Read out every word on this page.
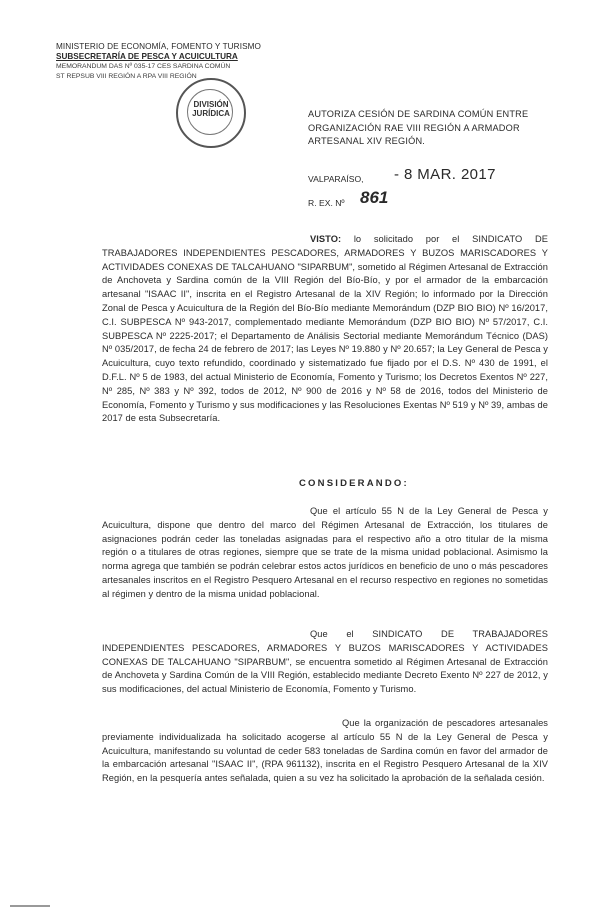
MINISTERIO DE ECONOMÍA, FOMENTO Y TURISMO
SUBSECRETARÍA DE PESCA Y ACUICULTURA
MEMORANDUM DAS Nº 035-17 CES SARDINA COMÚN
ST REPSUB VIII REGIÓN A RPA VIII REGIÓN
DIVISIÓN
JURÍDICA	AUTORIZA CESIÓN DE SARDINA COMÚN ENTRE ORGANIZACIÓN RAE VIII REGIÓN A ARMADOR ARTESANAL XIV REGIÓN.
VALPARAÍSO, - 8 MAR. 2017
R. EX. Nº 861
VISTO: lo solicitado por el SINDICATO DE TRABAJADORES INDEPENDIENTES PESCADORES, ARMADORES Y BUZOS MARISCADORES Y ACTIVIDADES CONEXAS DE TALCAHUANO "SIPARBUM", sometido al Régimen Artesanal de Extracción de Anchoveta y Sardina común de la VIII Región del Bío-Bío, y por el armador de la embarcación artesanal "ISAAC II", inscrita en el Registro Artesanal de la XIV Región; lo informado por la Dirección Zonal de Pesca y Acuicultura de la Región del Bío-Bío mediante Memorándum (DZP BIO BIO) Nº 16/2017, C.I. SUBPESCA Nº 943-2017, complementado mediante Memorándum (DZP BIO BIO) Nº 57/2017, C.I. SUBPESCA Nº 2225-2017; el Departamento de Análisis Sectorial mediante Memorándum Técnico (DAS) Nº 035/2017, de fecha 24 de febrero de 2017; las Leyes Nº 19.880 y Nº 20.657; la Ley General de Pesca y Acuicultura, cuyo texto refundido, coordinado y sistematizado fue fijado por el D.S. Nº 430 de 1991, el D.F.L. Nº 5 de 1983, del actual Ministerio de Economía, Fomento y Turismo; los Decretos Exentos Nº 227, Nº 285, Nº 383 y Nº 392, todos de 2012, Nº 900 de 2016 y Nº 58 de 2016, todos del Ministerio de Economía, Fomento y Turismo y sus modificaciones y las Resoluciones Exentas Nº 519 y Nº 39, ambas de 2017 de esta Subsecretaría.
CONSIDERANDO:
Que el artículo 55 N de la Ley General de Pesca y Acuicultura, dispone que dentro del marco del Régimen Artesanal de Extracción, los titulares de asignaciones podrán ceder las toneladas asignadas para el respectivo año a otro titular de la misma región o a titulares de otras regiones, siempre que se trate de la misma unidad poblacional. Asimismo la norma agrega que también se podrán celebrar estos actos jurídicos en beneficio de uno o más pescadores artesanales inscritos en el Registro Pesquero Artesanal en el recurso respectivo en regiones no sometidas al régimen y dentro de la misma unidad poblacional.
Que el SINDICATO DE TRABAJADORES INDEPENDIENTES PESCADORES, ARMADORES Y BUZOS MARISCADORES Y ACTIVIDADES CONEXAS DE TALCAHUANO "SIPARBUM", se encuentra sometido al Régimen Artesanal de Extracción de Anchoveta y Sardina Común de la VIII Región, establecido mediante Decreto Exento Nº 227 de 2012, y sus modificaciones, del actual Ministerio de Economía, Fomento y Turismo.
Que la organización de pescadores artesanales previamente individualizada ha solicitado acogerse al artículo 55 N de la Ley General de Pesca y Acuicultura, manifestando su voluntad de ceder 583 toneladas de Sardina común en favor del armador de la embarcación artesanal "ISAAC II", (RPA 961132), inscrita en el Registro Pesquero Artesanal de la XIV Región, en la pesquería antes señalada, quien a su vez ha solicitado la aprobación de la señalada cesión.
